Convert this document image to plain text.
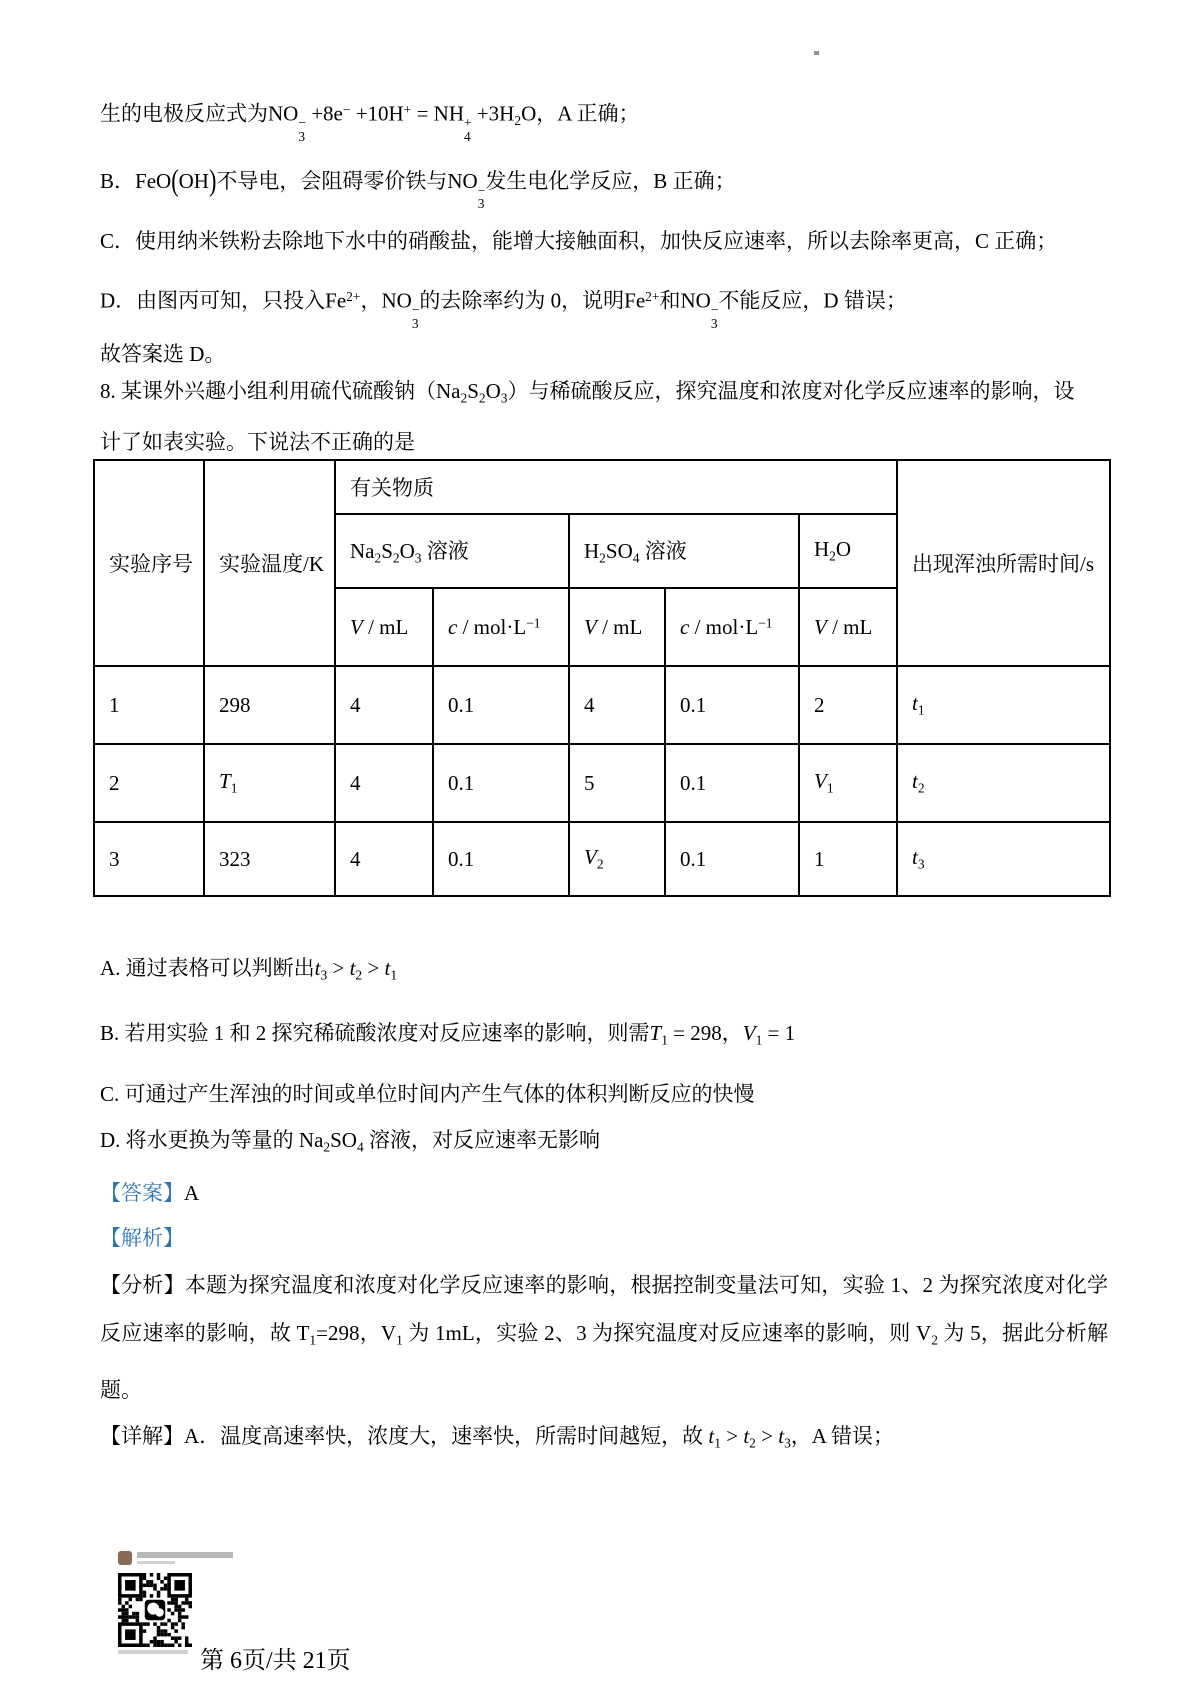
生的电极反应式为NO −
3
+8e− +10H+ = NH +
4
$+3H_2O$，A 正确；

B．FeO(OH)不导电，会阻碍零价铁与NO −
3
发生电化学反应，B 正确；

C．使用纳米铁粉去除地下水中的硝酸盐，能增大接触面积，加快反应速率，所以去除率更高，C 正确；

D．由图丙可知，只投入$Fe^{2+}$，NO −
3
的去除率约为 0，说明$Fe^{2+}$和NO −
3
不能反应，D 错误；

故答案选 D。

8. 某课外兴趣小组利用硫代硫酸钠$(Na_2S_2O_3)$与稀硫酸反应，探究温度和浓度对化学反应速率的影响，设

计了如表实验。下说法不正确的是

实验序号	实验温度/K	有关物质					出现浑浊所需时间/s
		$Na_2S_2O_3$ 溶液		$H_2SO_4$ 溶液		$H_2O$	
		V / mL	$c / mol\cdot L^{-1}$	V / mL	$c / mol\cdot L^{-1}$	V / mL	
1	298	4	0.1	4	0.1	2	$t_1$
2	$T_1$	4	0.1	5	0.1	$V_1$	$t_2$
3	323	4	0.1	$V_2$	0.1	1	$t_3$

A. 通过表格可以判断出$t_3 > t_2 > t_1$

B. 若用实验 1 和 2 探究稀硫酸浓度对反应速率的影响，则需$T_1 = 298$，$V_1 = 1$

C. 可通过产生浑浊的时间或单位时间内产生气体的体积判断反应的快慢

D. 将水更换为等量的 $Na_2SO_4$ 溶液，对反应速率无影响

【答案】A

【解析】

【分析】本题为探究温度和浓度对化学反应速率的影响，根据控制变量法可知，实验 1、2 为探究浓度对化学反应速率的影响，故 $T_1=298$，$V_1$ 为 1mL，实验 2、3 为探究温度对反应速率的影响，则 $V_2$ 为 5，据此分析解题。

【详解】A．温度高速率快，浓度大，速率快，所需时间越短，故 $t_1 > t_2 > t_3$，A 错误；

第 6页/共 21页
